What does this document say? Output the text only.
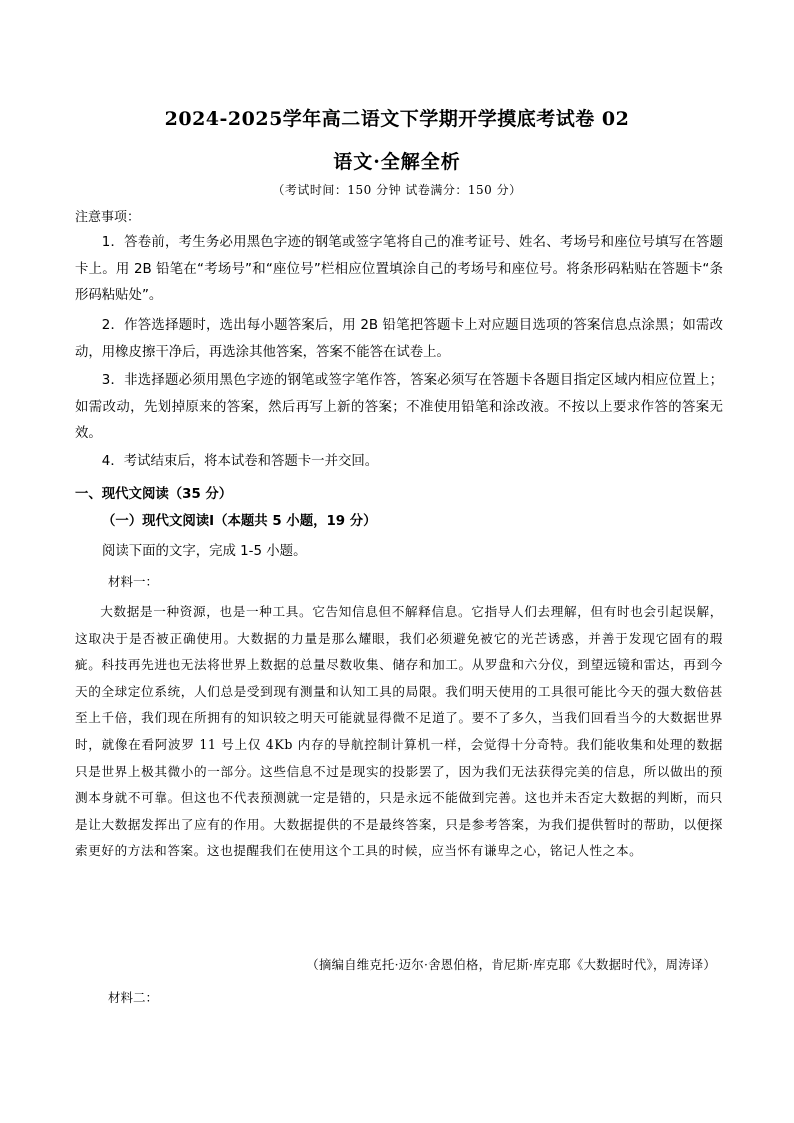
2024-2025学年高二语文下学期开学摸底考试卷 02
语文·全解全析
（考试时间：150 分钟 试卷满分：150 分）
注意事项：
1．答卷前，考生务必用黑色字迹的钢笔或签字笔将自己的准考证号、姓名、考场号和座位号填写在答题卡上。用 2B 铅笔在“考场号”和“座位号”栏相应位置填涂自己的考场号和座位号。将条形码粘贴在答题卡“条形码粘贴处”。
2．作答选择题时，选出每小题答案后，用 2B 铅笔把答题卡上对应题目选项的答案信息点涂黑；如需改动，用橡皮擦干净后，再选涂其他答案，答案不能答在试卷上。
3．非选择题必须用黑色字迹的钢笔或签字笔作答，答案必须写在答题卡各题目指定区域内相应位置上；如需改动，先划掉原来的答案，然后再写上新的答案；不准使用铅笔和涂改液。不按以上要求作答的答案无效。
4．考试结束后，将本试卷和答题卡一并交回。
一、现代文阅读（35 分）
（一）现代文阅读Ⅰ（本题共 5 小题，19 分）
阅读下面的文字，完成 1-5 小题。
材料一：
大数据是一种资源，也是一种工具。它告知信息但不解释信息。它指导人们去理解，但有时也会引起误解，这取决于是否被正确使用。大数据的力量是那么耀眼，我们必须避免被它的光芒诱惑，并善于发现它固有的瑕疵。科技再先进也无法将世界上数据的总量尽数收集、储存和加工。从罗盘和六分仪，到望远镜和雷达，再到今天的全球定位系统，人们总是受到现有测量和认知工具的局限。我们明天使用的工具很可能比今天的强大数倍甚至上千倍，我们现在所拥有的知识较之明天可能就显得微不足道了。要不了多久，当我们回看当今的大数据世界时，就像在看阿波罗 11 号上仅 4Kb 内存的导航控制计算机一样，会觉得十分奇特。我们能收集和处理的数据只是世界上极其微小的一部分。这些信息不过是现实的投影罢了，因为我们无法获得完美的信息，所以做出的预测本身就不可靠。但这也不代表预测就一定是错的，只是永远不能做到完善。这也并未否定大数据的判断，而只是让大数据发挥出了应有的作用。大数据提供的不是最终答案，只是参考答案，为我们提供暂时的帮助，以便探索更好的方法和答案。这也提醒我们在使用这个工具的时候，应当怀有谦卑之心，铭记人性之本。
（摘编自维克托·迈尔·舍恩伯格，肯尼斯·库克耶《大数据时代》，周涛译）
材料二：
